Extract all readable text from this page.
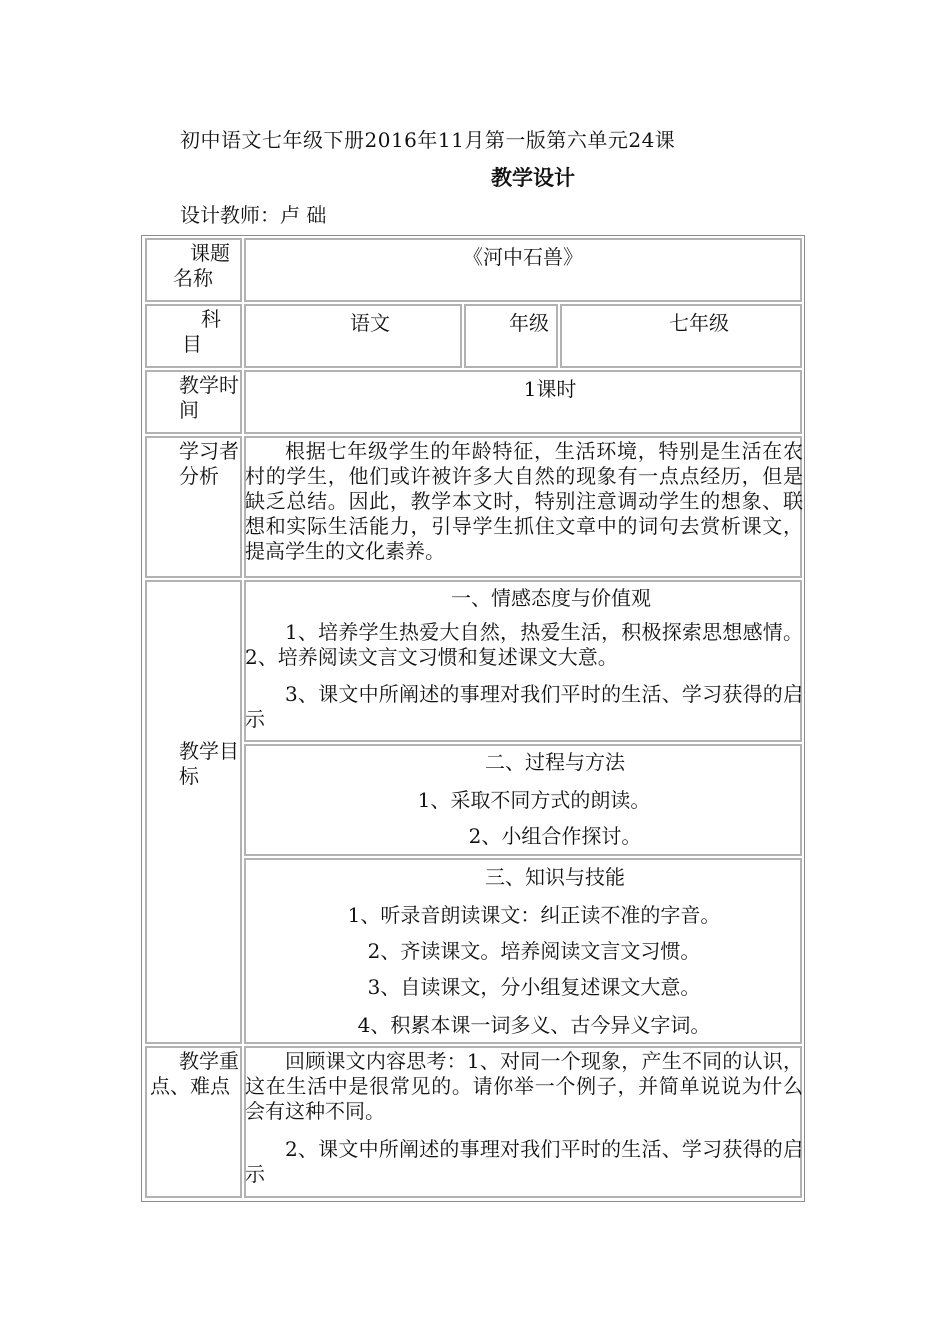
初中语文七年级下册2016年11月第一版第六单元24课
教学设计
设计教师：卢 础
课题名称
《河中石兽》
科目
语文	年级	七年级
教学时间
1课时
学习者分析
根据七年级学生的年龄特征，生活环境，特别是生活在农村的学生，他们或许被许多大自然的现象有一点点经历，但是缺乏总结。因此，教学本文时，特别注意调动学生的想象、联想和实际生活能力，引导学生抓住文章中的词句去赏析课文，提高学生的文化素养。
教学目标
一、情感态度与价值观
1、培养学生热爱大自然，热爱生活，积极探索思想感情。2、培养阅读文言文习惯和复述课文大意。
3、课文中所阐述的事理对我们平时的生活、学习获得的启示
二、过程与方法
1、采取不同方式的朗读。
2、小组合作探讨。
三、知识与技能
1、听录音朗读课文：纠正读不准的字音。
2、齐读课文。培养阅读文言文习惯。
3、自读课文，分小组复述课文大意。
4、积累本课一词多义、古今异义字词。
教学重点、难点
回顾课文内容思考：1、对同一个现象，产生不同的认识，这在生活中是很常见的。请你举一个例子，并简单说说为什么会有这种不同。
2、课文中所阐述的事理对我们平时的生活、学习获得的启示
